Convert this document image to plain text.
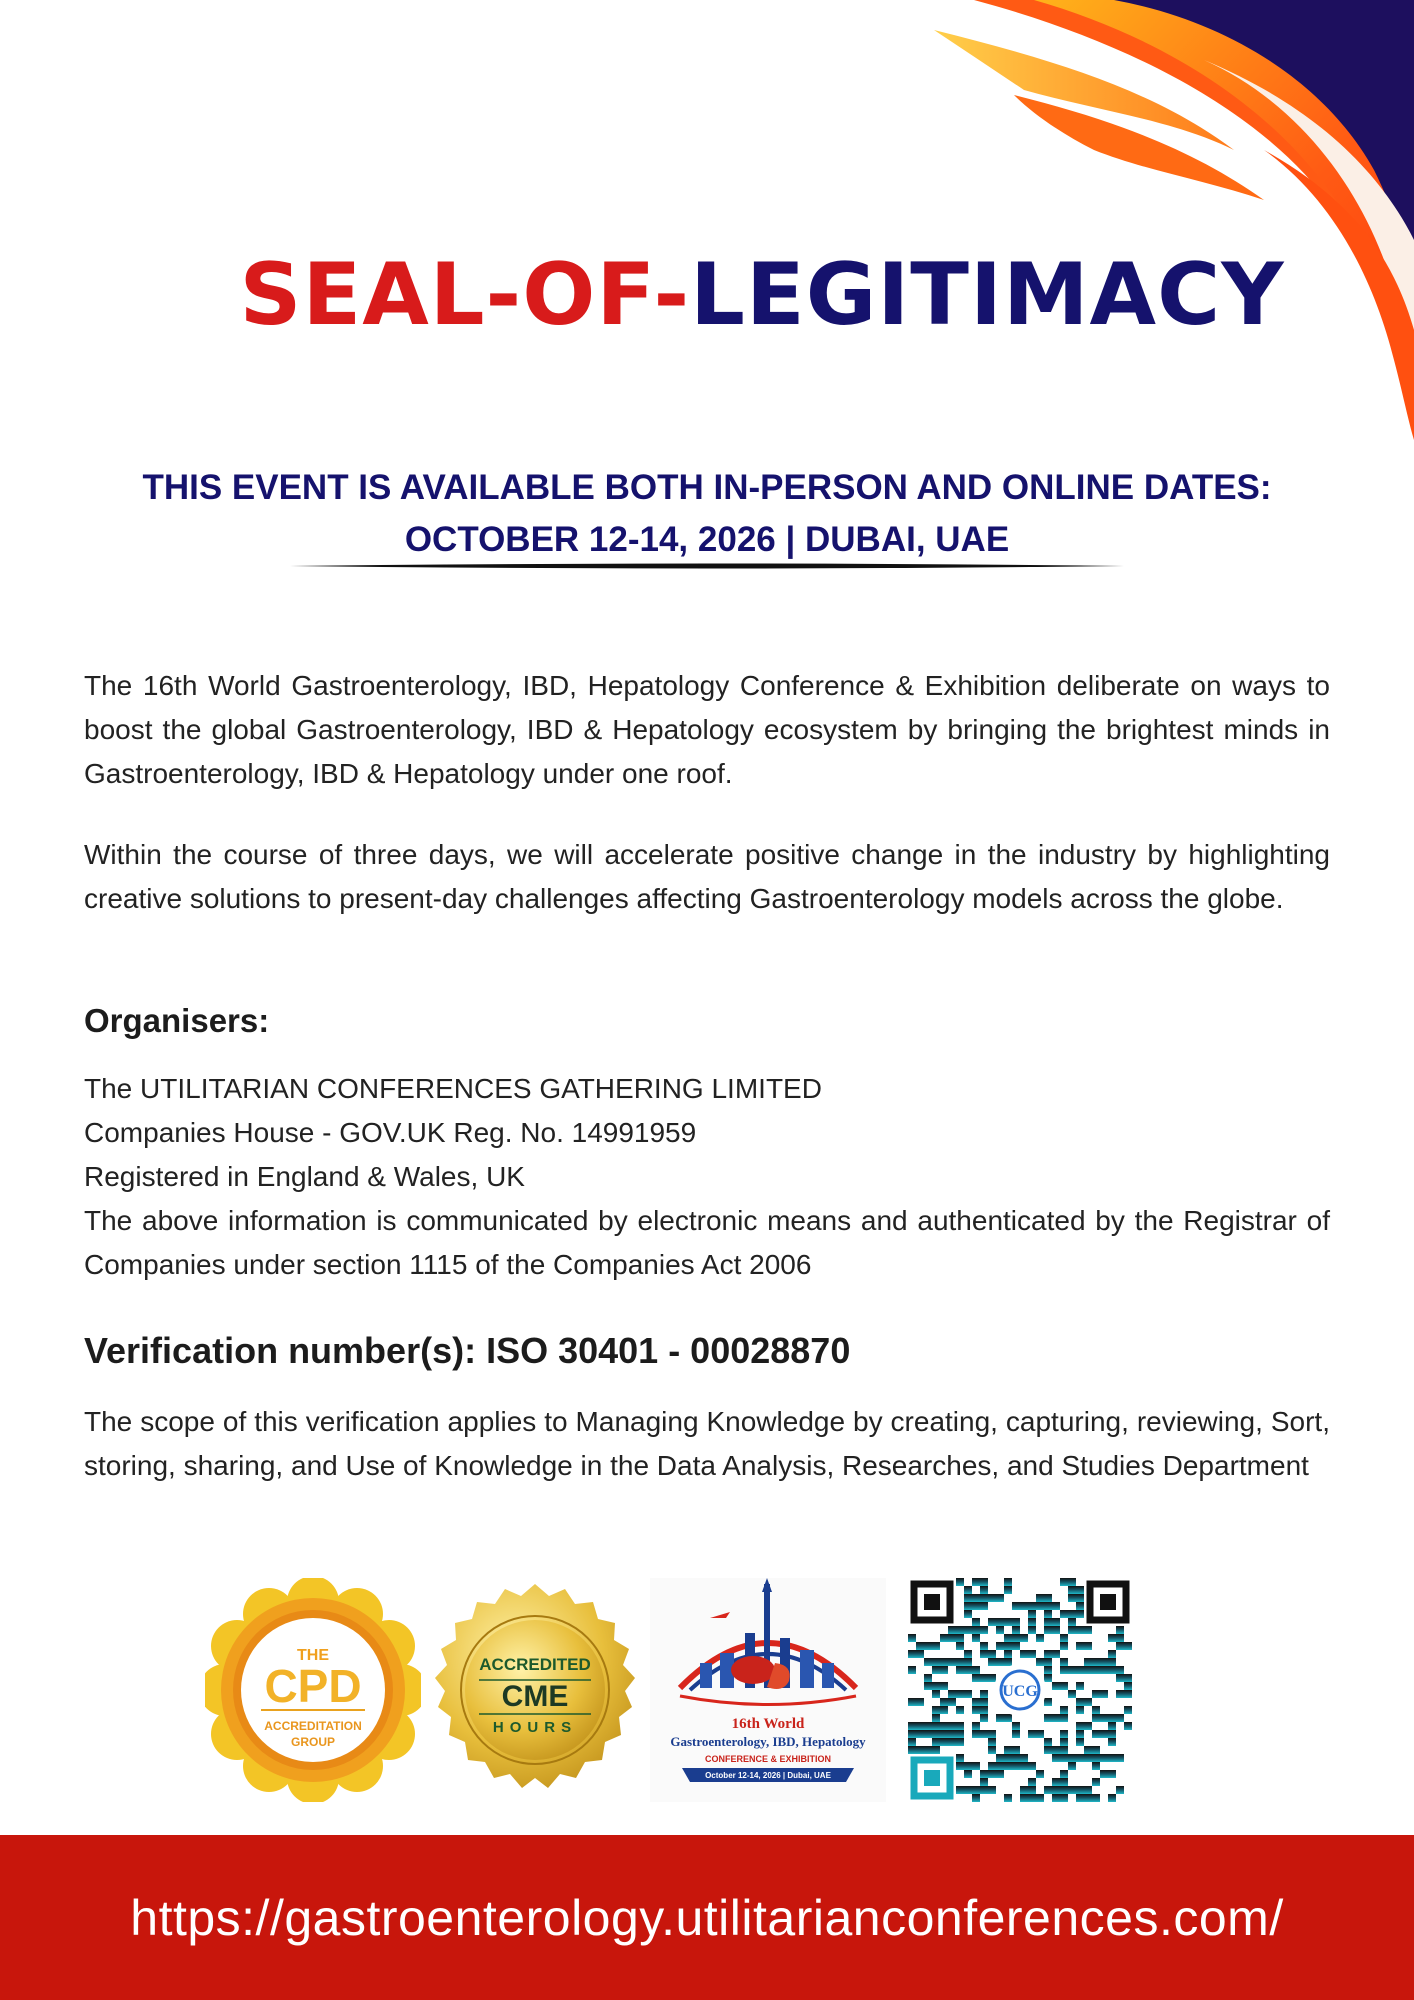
SEAL-OF-LEGITIMACY
THIS EVENT IS AVAILABLE BOTH IN-PERSON AND ONLINE DATES:
OCTOBER 12-14, 2026 | DUBAI, UAE
The 16th World Gastroenterology, IBD, Hepatology Conference & Exhibition deliberate on ways to boost the global Gastroenterology, IBD & Hepatology ecosystem by bringing the brightest minds in Gastroenterology, IBD & Hepatology under one roof.
Within the course of three days, we will accelerate positive change in the industry by highlighting creative solutions to present-day challenges affecting Gastroenterology models across the globe.
Organisers:
The UTILITARIAN CONFERENCES GATHERING LIMITED
Companies House - GOV.UK Reg. No. 14991959
Registered in England & Wales, UK
The above information is communicated by electronic means and authenticated by the Registrar of Companies under section 1115 of the Companies Act 2006
Verification number(s): ISO 30401 - 00028870
The scope of this verification applies to Managing Knowledge by creating, capturing, reviewing, Sort, storing, sharing, and Use of Knowledge in the Data Analysis, Researches, and Studies Department
THE
CPD
ACCREDITATION
GROUP
ACCREDITED
CME
HOURS	16th World
Gastroenterology, IBD, Hepatology
CONFERENCE & EXHIBITION
October 12-14, 2026 | Dubai, UAE
UCG
https://gastroenterology.utilitarianconferences.com/
